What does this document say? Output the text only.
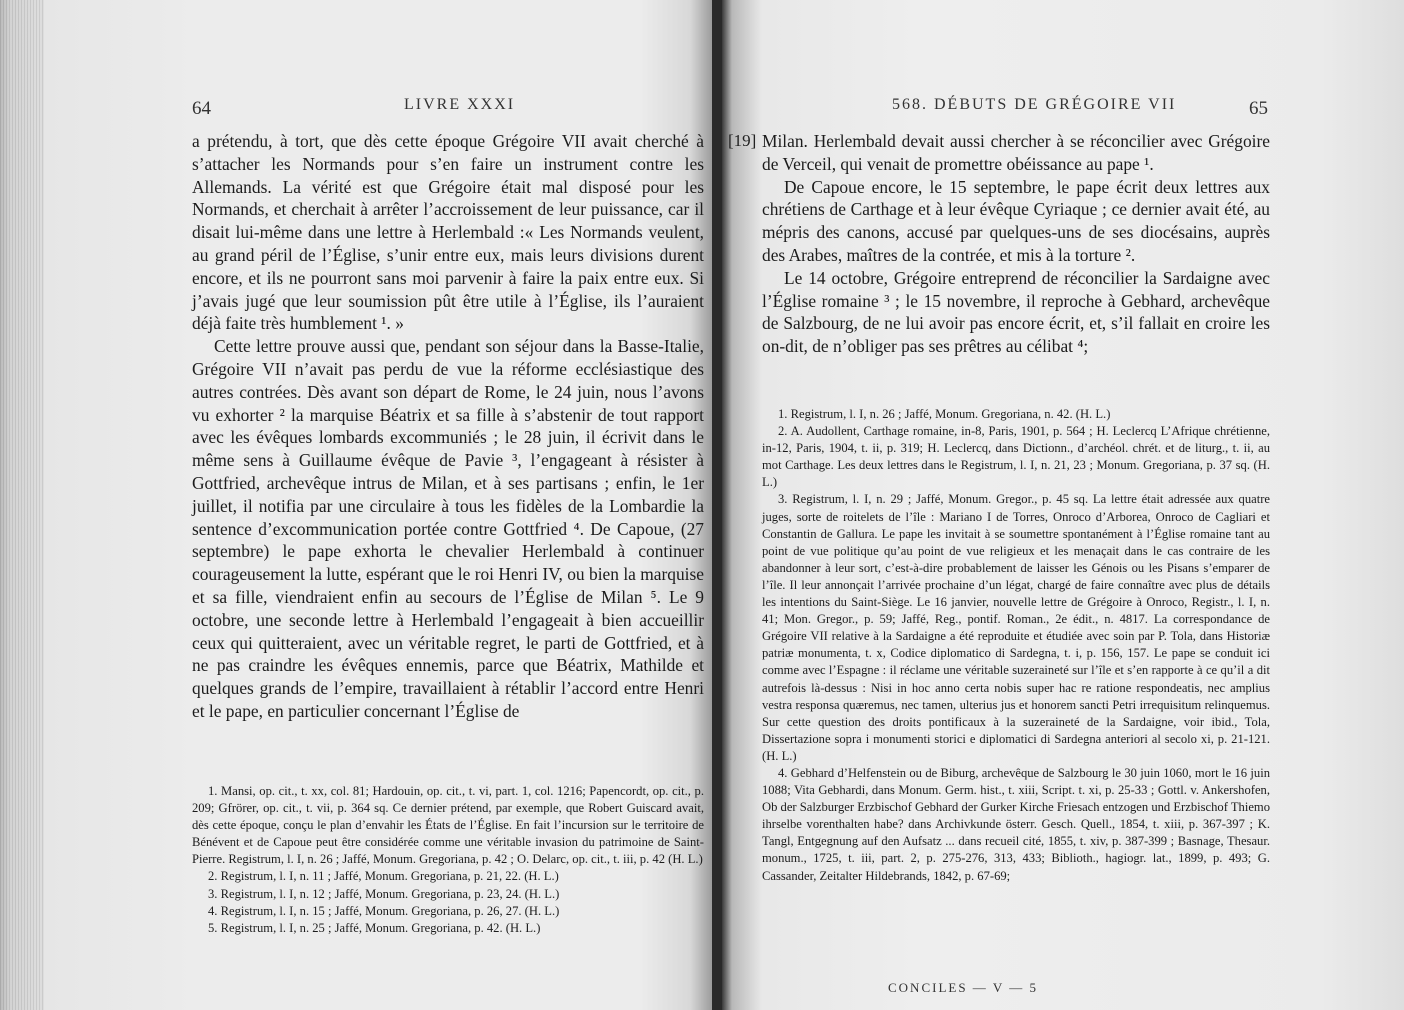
64	LIVRE XXXI

a prétendu, à tort, que dès cette époque Grégoire VII avait cherché à s’attacher les Normands pour s’en faire un instrument contre les Allemands. La vérité est que Grégoire était mal disposé pour les Normands, et cherchait à arrêter l’accroissement de leur puissance, car il disait lui-même dans une lettre à Herlembald :« Les Normands veulent, au grand péril de l’Église, s’unir entre eux, mais leurs divisions durent encore, et ils ne pourront sans moi parvenir à faire la paix entre eux. Si j’avais jugé que leur soumission pût être utile à l’Église, ils l’auraient déjà faite très humblement ¹. »

Cette lettre prouve aussi que, pendant son séjour dans la Basse-Italie, Grégoire VII n’avait pas perdu de vue la réforme ecclésiastique des autres contrées. Dès avant son départ de Rome, le 24 juin, nous l’avons vu exhorter ² la marquise Béatrix et sa fille à s’abstenir de tout rapport avec les évêques lombards excommuniés ; le 28 juin, il écrivit dans le même sens à Guillaume évêque de Pavie ³, l’engageant à résister à Gottfried, archevêque intrus de Milan, et à ses partisans ; enfin, le 1er juillet, il notifia par une circulaire à tous les fidèles de la Lombardie la sentence d’excommunication portée contre Gottfried ⁴. De Capoue, (27 septembre) le pape exhorta le chevalier Herlembald à continuer courageusement la lutte, espérant que le roi Henri IV, ou bien la marquise et sa fille, viendraient enfin au secours de l’Église de Milan ⁵. Le 9 octobre, une seconde lettre à Herlembald l’engageait à bien accueillir ceux qui quitteraient, avec un véritable regret, le parti de Gottfried, et à ne pas craindre les évêques ennemis, parce que Béatrix, Mathilde et quelques grands de l’empire, travaillaient à rétablir l’accord entre Henri et le pape, en particulier concernant l’Église de

1. Mansi, op. cit., t. xx, col. 81; Hardouin, op. cit., t. vi, part. 1, col. 1216; Papencordt, op. cit., p. 209; Gfrörer, op. cit., t. vii, p. 364 sq. Ce dernier prétend, par exemple, que Robert Guiscard avait, dès cette époque, conçu le plan d’envahir les États de l’Église. En fait l’incursion sur le territoire de Bénévent et de Capoue peut être considérée comme une véritable invasion du patrimoine de Saint-Pierre. Registrum, l. I, n. 26 ; Jaffé, Monum. Gregoriana, p. 42 ; O. Delarc, op. cit., t. iii, p. 42 (H. L.)

2. Registrum, l. I, n. 11 ; Jaffé, Monum. Gregoriana, p. 21, 22. (H. L.)

3. Registrum, l. I, n. 12 ; Jaffé, Monum. Gregoriana, p. 23, 24. (H. L.)

4. Registrum, l. I, n. 15 ; Jaffé, Monum. Gregoriana, p. 26, 27. (H. L.)

5. Registrum, l. I, n. 25 ; Jaffé, Monum. Gregoriana, p. 42. (H. L.)

568. DÉBUTS DE GRÉGOIRE VII	65

Milan. Herlembald devait aussi chercher à se réconcilier avec Grégoire de Verceil, qui venait de promettre obéissance au pape ¹.

De Capoue encore, le 15 septembre, le pape écrit deux lettres aux chrétiens de Carthage et à leur évêque Cyriaque ; ce dernier avait été, au mépris des canons, accusé par quelques-uns de ses diocésains, auprès des Arabes, maîtres de la contrée, et mis à la torture ².

Le 14 octobre, Grégoire entreprend de réconcilier la Sardaigne avec l’Église romaine ³ ; le 15 novembre, il reproche à Gebhard, archevêque de Salzbourg, de ne lui avoir pas encore écrit, et, s’il fallait en croire les on-dit, de n’obliger pas ses prêtres au célibat ⁴;

1. Registrum, l. I, n. 26 ; Jaffé, Monum. Gregoriana, n. 42. (H. L.)

2. A. Audollent, Carthage romaine, in-8, Paris, 1901, p. 564 ; H. Leclercq L’Afrique chrétienne, in-12, Paris, 1904, t. ii, p. 319; H. Leclercq, dans Dictionn., d’archéol. chrét. et de liturg., t. ii, au mot Carthage. Les deux lettres dans le Registrum, l. I, n. 21, 23 ; Monum. Gregoriana, p. 37 sq. (H. L.)

3. Registrum, l. I, n. 29 ; Jaffé, Monum. Gregor., p. 45 sq. La lettre était adressée aux quatre juges, sorte de roitelets de l’île : Mariano I de Torres, Onroco d’Arborea, Onroco de Cagliari et Constantin de Gallura. Le pape les invitait à se soumettre spontanément à l’Église romaine tant au point de vue politique qu’au point de vue religieux et les menaçait dans le cas contraire de les abandonner à leur sort, c’est-à-dire probablement de laisser les Génois ou les Pisans s’emparer de l’île. Il leur annonçait l’arrivée prochaine d’un légat, chargé de faire connaître avec plus de détails les intentions du Saint-Siège. Le 16 janvier, nouvelle lettre de Grégoire à Onroco, Registr., l. I, n. 41; Mon. Gregor., p. 59; Jaffé, Reg., pontif. Roman., 2e édit., n. 4817. La correspondance de Grégoire VII relative à la Sardaigne a été reproduite et étudiée avec soin par P. Tola, dans Historiæ patriæ monumenta, t. x, Codice diplomatico di Sardegna, t. i, p. 156, 157. Le pape se conduit ici comme avec l’Espagne : il réclame une véritable suzeraineté sur l’île et s’en rapporte à ce qu’il a dit autrefois là-dessus : Nisi in hoc anno certa nobis super hac re ratione respondeatis, nec amplius vestra responsa quæremus, nec tamen, ulterius jus et honorem sancti Petri irrequisitum relinquemus. Sur cette question des droits pontificaux à la suzeraineté de la Sardaigne, voir ibid., Tola, Dissertazione sopra i monumenti storici e diplomatici di Sardegna anteriori al secolo xi, p. 21-121. (H. L.)

4. Gebhard d’Helfenstein ou de Biburg, archevêque de Salzbourg le 30 juin 1060, mort le 16 juin 1088; Vita Gebhardi, dans Monum. Germ. hist., t. xiii, Script. t. xi, p. 25-33 ; Gottl. v. Ankershofen, Ob der Salzburger Erzbischof Gebhard der Gurker Kirche Friesach entzogen und Erzbischof Thiemo ihrselbe vorenthalten habe? dans Archivkunde österr. Gesch. Quell., 1854, t. xiii, p. 367-397 ; K. Tangl, Entgegnung auf den Aufsatz ... dans recueil cité, 1855, t. xiv, p. 387-399 ; Basnage, Thesaur. monum., 1725, t. iii, part. 2, p. 275-276, 313, 433; Biblioth., hagiogr. lat., 1899, p. 493; G. Cassander, Zeitalter Hildebrands, 1842, p. 67-69;

[19]
CONCILES — V — 5
